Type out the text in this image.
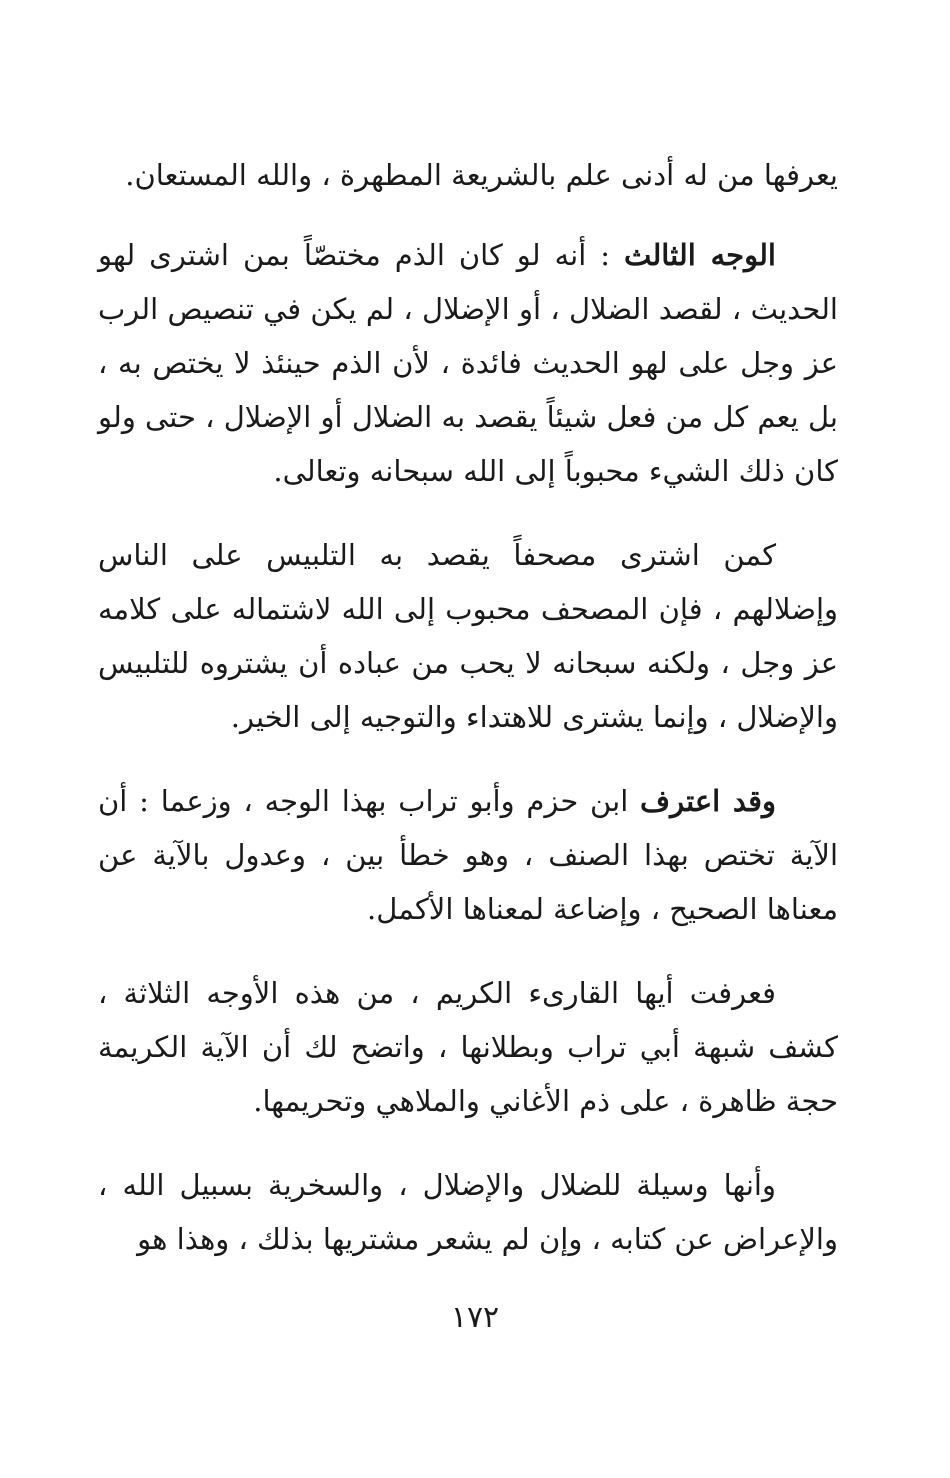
يعرفها من له أدنى علم بالشريعة المطهرة ، والله المستعان.

الوجه الثالث : أنه لو كان الذم مختصّاً بمن اشترى لهو الحديث ، لقصد الضلال ، أو الإضلال ، لم يكن في تنصيص الرب عز وجل على لهو الحديث فائدة ، لأن الذم حينئذ لا يختص به ، بل يعم كل من فعل شيئاً يقصد به الضلال أو الإضلال ، حتى ولو كان ذلك الشيء محبوباً إلى الله سبحانه وتعالى.

كمن اشترى مصحفاً يقصد به التلبيس على الناس وإضلالهم ، فإن المصحف محبوب إلى الله لاشتماله على كلامه عز وجل ، ولكنه سبحانه لا يحب من عباده أن يشتروه للتلبيس والإضلال ، وإنما يشترى للاهتداء والتوجيه إلى الخير.

وقد اعترف ابن حزم وأبو تراب بهذا الوجه ، وزعما : أن الآية تختص بهذا الصنف ، وهو خطأ بين ، وعدول بالآية عن معناها الصحيح ، وإضاعة لمعناها الأكمل.

فعرفت أيها القارىء الكريم ، من هذه الأوجه الثلاثة ، كشف شبهة أبي تراب وبطلانها ، واتضح لك أن الآية الكريمة حجة ظاهرة ، على ذم الأغاني والملاهي وتحريمها.

وأنها وسيلة للضلال والإضلال ، والسخرية بسبيل الله ، والإعراض عن كتابه ، وإن لم يشعر مشتريها بذلك ، وهذا هو

١٧٢
